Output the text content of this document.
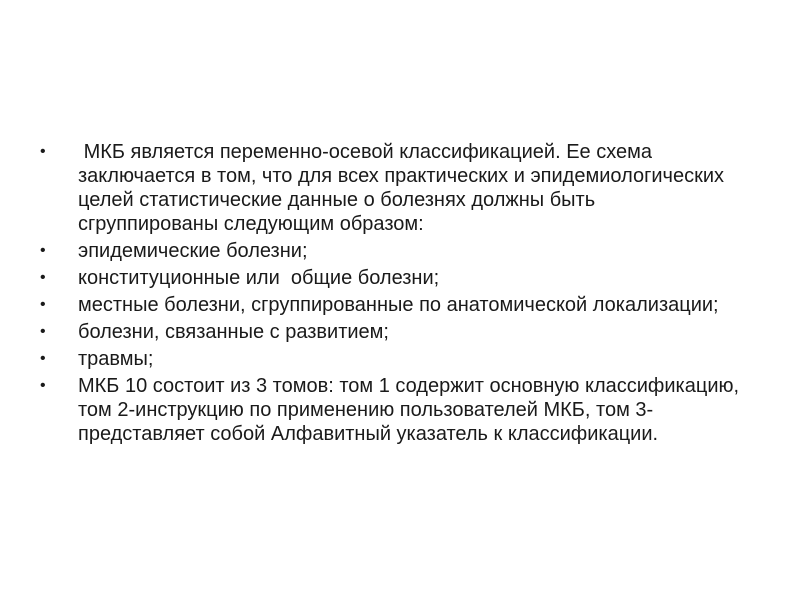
•	МКБ является переменно-осевой классификацией. Ее схема заключается в том, что для всех практических и эпидемиологических целей статистические данные о болезнях должны быть сгруппированы следующим образом:
•	эпидемические болезни;
•	конституционные или  общие болезни;
•	местные болезни, сгруппированные по анатомической локализации;
•	болезни, связанные с развитием;
•	травмы;
•	МКБ 10 состоит из 3 томов: том 1 содержит основную классификацию, том 2-инструкцию по применению пользователей МКБ, том 3-представляет собой Алфавитный указатель к классификации.
